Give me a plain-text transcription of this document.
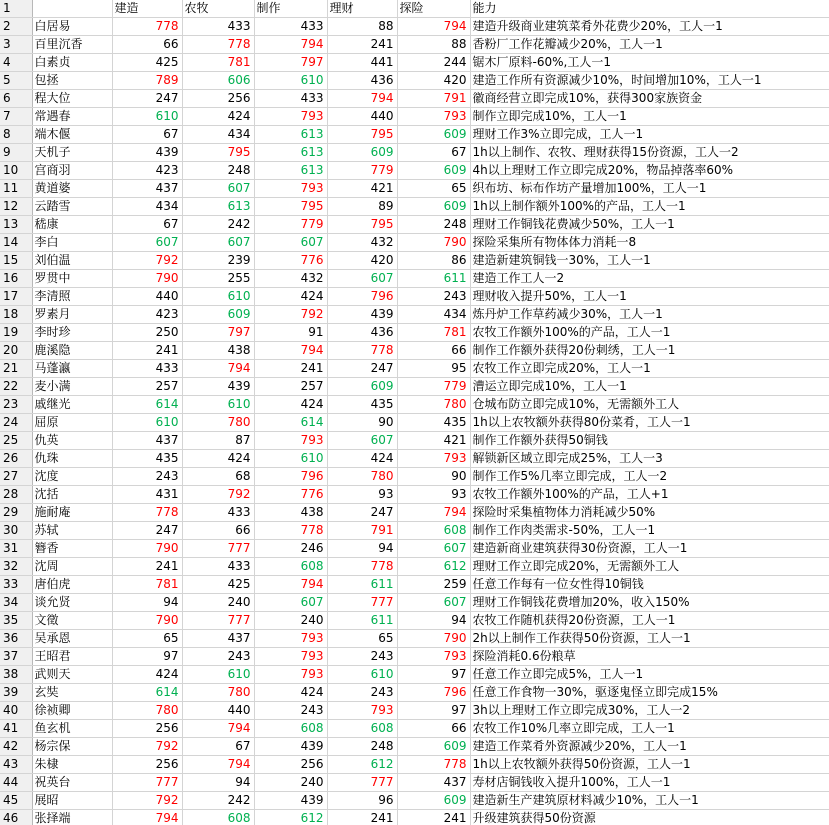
1		建造	农牧	制作	理财	探险	能力
2	白居易	778	433	433	88	794	建造升级商业建筑菜肴外花费少20%，工人一1
3	百里沉香	66	778	794	241	88	香粉厂工作花瓣减少20%，工人一1
4	白素贞	425	781	797	441	244	锯木厂原料-60%,工人一1
5	包拯	789	606	610	436	420	建造工作所有资源减少10%，时间增加10%，工人一1
6	程大位	247	256	433	794	791	徽商经营立即完成10%，获得300家族资金
7	常遇春	610	424	793	440	793	制作立即完成10%，工人一1
8	端木偃	67	434	613	795	609	理财工作3%立即完成，工人一1
9	天机子	439	795	613	609	67	1h以上制作、农牧、理财获得15份资源，工人一2
10	宫商羽	423	248	613	779	609	4h以上理财工作立即完成20%，物品掉落率60%
11	黄道婆	437	607	793	421	65	织布坊、标布作坊产量增加100%，工人一1
12	云踏雪	434	613	795	89	609	1h以上制作额外100%的产品，工人一1
13	嵇康	67	242	779	795	248	理财工作铜钱花费减少50%，工人一1
14	李白	607	607	607	432	790	探险采集所有物体体力消耗一8
15	刘伯温	792	239	776	420	86	建造新建筑铜钱一30%，工人一1
16	罗贯中	790	255	432	607	611	建造工作工人一2
17	李清照	440	610	424	796	243	理财收入提升50%，工人一1
18	罗素月	423	609	792	439	434	炼丹炉工作草药减少30%，工人一1
19	李时珍	250	797	91	436	781	农牧工作额外100%的产品，工人一1
20	鹿溪隐	241	438	794	778	66	制作工作额外获得20份刺绣，工人一1
21	马蓬瀛	433	794	241	247	95	农牧工作立即完成20%，工人一1
22	麦小满	257	439	257	609	779	漕运立即完成10%，工人一1
23	戚继光	614	610	424	435	780	仓城布防立即完成10%，无需额外工人
24	屈原	610	780	614	90	435	1h以上农牧额外获得80份菜肴，工人一1
25	仇英	437	87	793	607	421	制作工作额外获得50铜钱
26	仇珠	435	424	610	424	793	解锁新区域立即完成25%，工人一3
27	沈度	243	68	796	780	90	制作工作5%几率立即完成，工人一2
28	沈括	431	792	776	93	93	农牧工作额外100%的产品，工人+1
29	施耐庵	778	433	438	247	794	探险时采集植物体力消耗减少50%
30	苏轼	247	66	778	791	608	制作工作肉类需求-50%，工人一1
31	簪香	790	777	246	94	607	建造新商业建筑获得30份资源，工人一1
32	沈周	241	433	608	778	612	理财工作立即完成20%，无需额外工人
33	唐伯虎	781	425	794	611	259	任意工作每有一位女性得10铜钱
34	谈允贤	94	240	607	777	607	理财工作铜钱花费增加20%，收入150%
35	文徵	790	777	240	611	94	农牧工作随机获得20份资源，工人一1
36	吴承恩	65	437	793	65	790	2h以上制作工作获得50份资源，工人一1
37	王昭君	97	243	793	243	793	探险消耗0.6份粮草
38	武则天	424	610	793	610	97	任意工作立即完成5%，工人一1
39	玄奘	614	780	424	243	796	任意工作食物一30%，驱逐鬼怪立即完成15%
40	徐祯卿	780	440	243	793	97	3h以上理财工作立即完成30%，工人一2
41	鱼玄机	256	794	608	608	66	农牧工作10%几率立即完成，工人一1
42	杨宗保	792	67	439	248	609	建造工作菜肴外资源减少20%，工人一1
43	朱棣	256	794	256	612	778	1h以上农牧额外获得50份资源，工人一1
44	祝英台	777	94	240	777	437	寿材店铜钱收入提升100%，工人一1
45	展昭	792	242	439	96	609	建造新生产建筑原材料减少10%，工人一1
46	张择端	794	608	612	241	241	升级建筑获得50份资源
